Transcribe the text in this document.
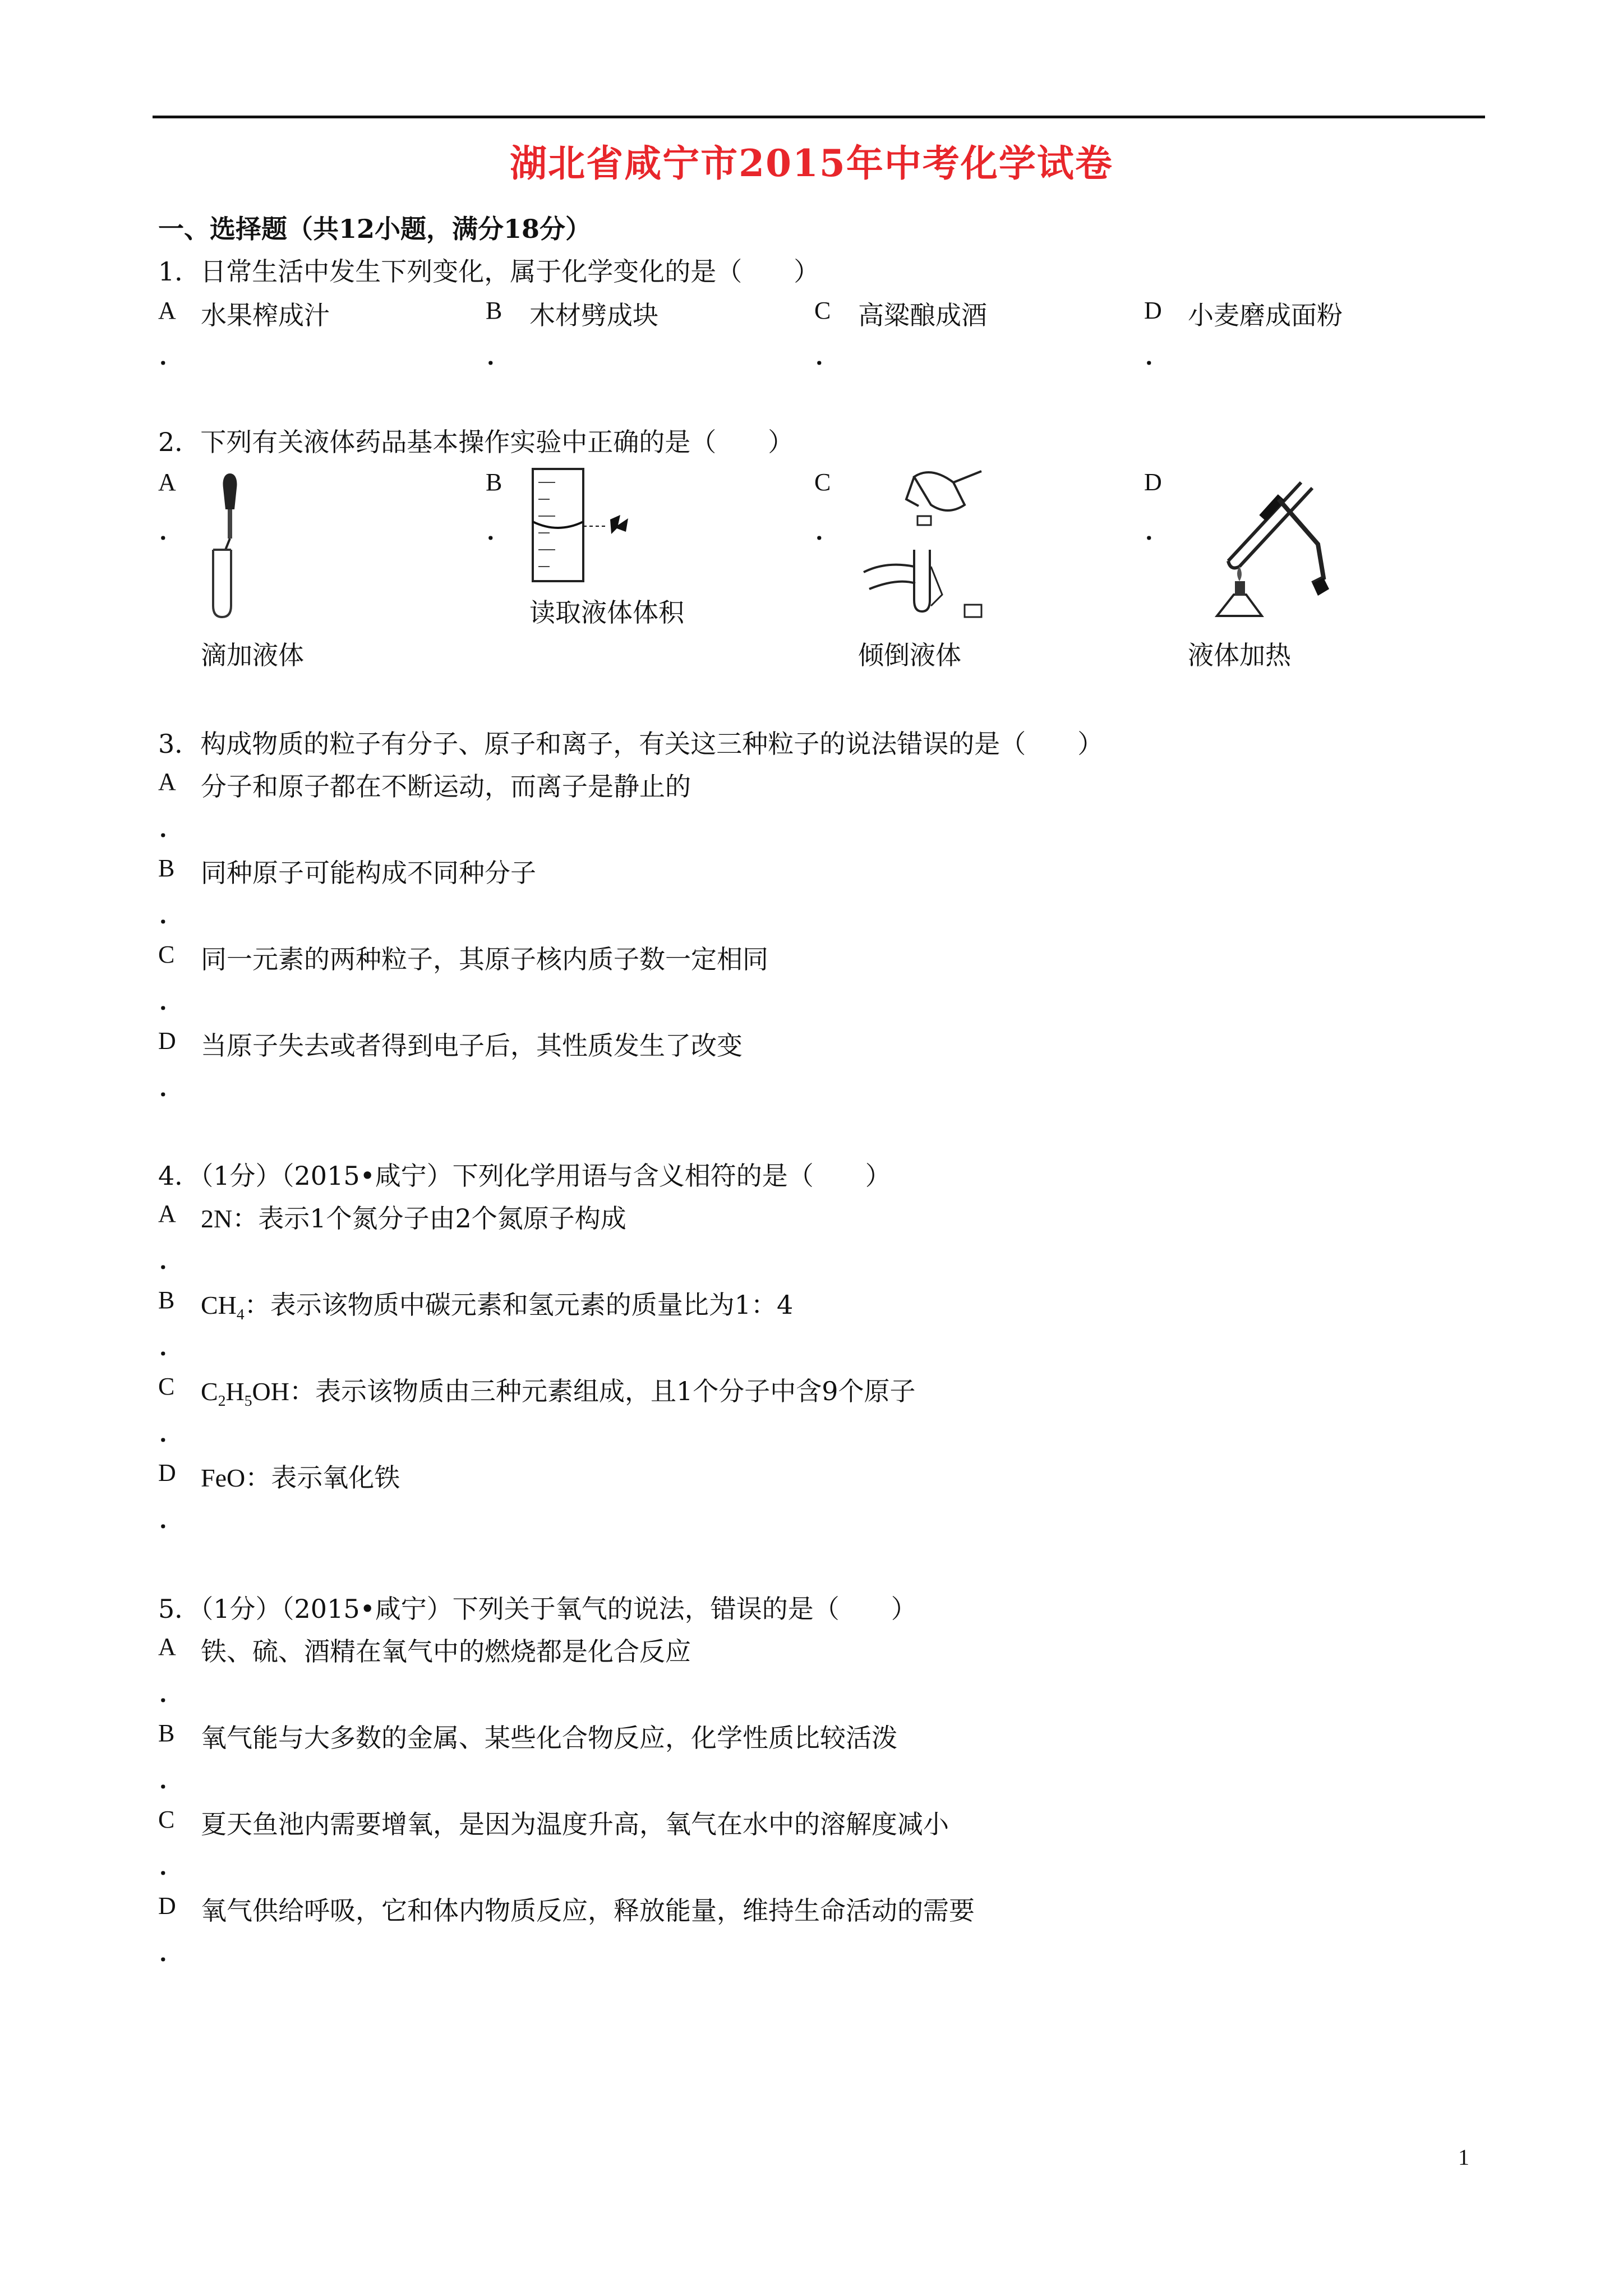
湖北省咸宁市2015年中考化学试卷
一、选择题（共12小题，满分18分）
1．日常生活中发生下列变化，属于化学变化的是（　　）
A
．
水果榨成汁	B
．
木材劈成块	C
．
高粱酿成酒	D
．
小麦磨成面粉
2．下列有关液体药品基本操作实验中正确的是（　　）
A
．
滴加液体
B
．
读取液体体积
C
．
倾倒液体
D
．
液体加热
3．构成物质的粒子有分子、原子和离子，有关这三种粒子的说法错误的是（　　）
A
．
分子和原子都在不断运动，而离子是静止的
B
．
同种原子可能构成不同种分子
C
．
同一元素的两种粒子，其原子核内质子数一定相同
D
．
当原子失去或者得到电子后，其性质发生了改变
4．（1分）（2015•咸宁）下列化学用语与含义相符的是（　　）
A
．
2N：表示1个氮分子由2个氮原子构成
B
．
$CH_4$：表示该物质中碳元素和氢元素的质量比为1：4
C
．
$C_2H_5OH$：表示该物质由三种元素组成，且1个分子中含9个原子
D
．
FeO：表示氧化铁
5．（1分）（2015•咸宁）下列关于氧气的说法，错误的是（　　）
A
．
铁、硫、酒精在氧气中的燃烧都是化合反应
B
．
氧气能与大多数的金属、某些化合物反应，化学性质比较活泼
C
．
夏天鱼池内需要增氧，是因为温度升高，氧气在水中的溶解度减小
D
．
氧气供给呼吸，它和体内物质反应，释放能量，维持生命活动的需要
1
